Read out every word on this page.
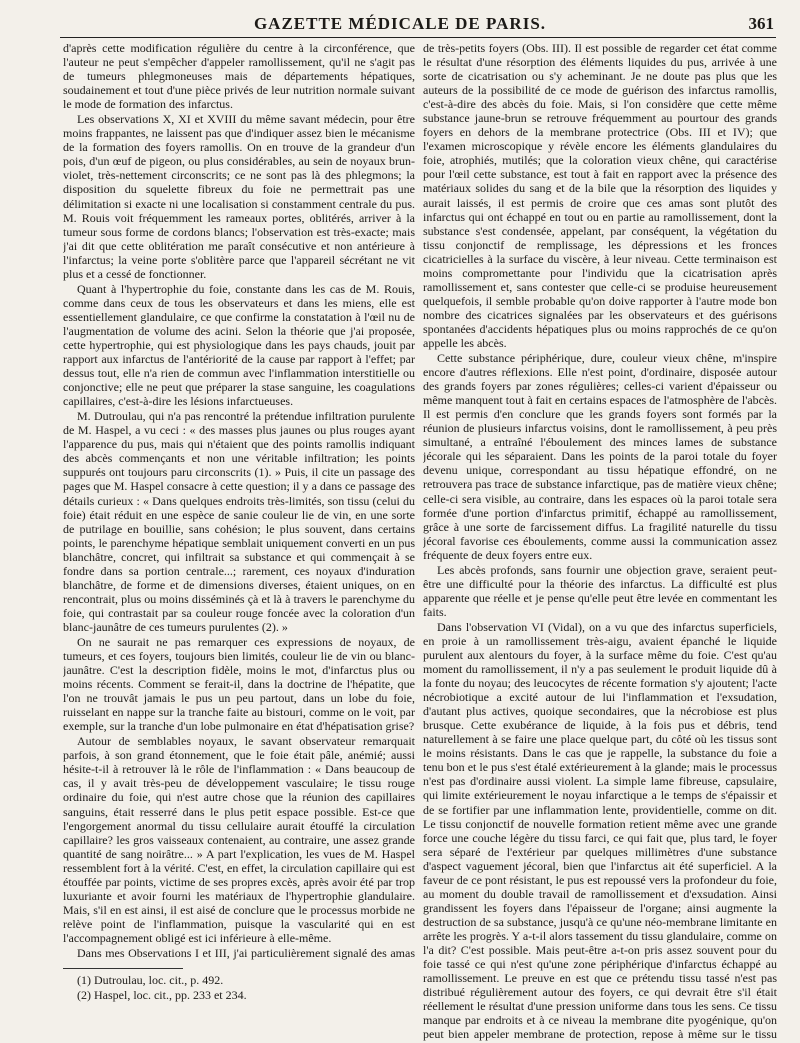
GAZETTE MÉDICALE DE PARIS.	361

d'après cette modification régulière du centre à la circonférence, que l'auteur ne peut s'empêcher d'appeler ramollissement, qu'il ne s'agit pas de tumeurs phlegmoneuses mais de départements hépatiques, soudainement et tout d'une pièce privés de leur nutrition normale suivant le mode de formation des infarctus.

Les observations X, XI et XVIII du même savant médecin, pour être moins frappantes, ne laissent pas que d'indiquer assez bien le mécanisme de la formation des foyers ramollis. On en trouve de la grandeur d'un pois, d'un œuf de pigeon, ou plus considérables, au sein de noyaux brun-violet, très-nettement circonscrits; ce ne sont pas là des phlegmons; la disposition du squelette fibreux du foie ne permettrait pas une délimitation si exacte ni une localisation si constamment centrale du pus. M. Rouis voit fréquemment les rameaux portes, oblitérés, arriver à la tumeur sous forme de cordons blancs; l'observation est très-exacte; mais j'ai dit que cette oblitération me paraît consécutive et non antérieure à l'infarctus; la veine porte s'oblitère parce que l'appareil sécrétant ne vit plus et a cessé de fonctionner.

Quant à l'hypertrophie du foie, constante dans les cas de M. Rouis, comme dans ceux de tous les observateurs et dans les miens, elle est essentiellement glandulaire, ce que confirme la constatation à l'œil nu de l'augmentation de volume des acini. Selon la théorie que j'ai proposée, cette hypertrophie, qui est physiologique dans les pays chauds, jouit par rapport aux infarctus de l'antériorité de la cause par rapport à l'effet; par dessus tout, elle n'a rien de commun avec l'inflammation interstitielle ou conjonctive; elle ne peut que préparer la stase sanguine, les coagulations capillaires, c'est-à-dire les lésions infarctueuses.

M. Dutroulau, qui n'a pas rencontré la prétendue infiltration purulente de M. Haspel, a vu ceci : « des masses plus jaunes ou plus rouges ayant l'apparence du pus, mais qui n'étaient que des points ramollis indiquant des abcès commençants et non une véritable infiltration; les points suppurés ont toujours paru circonscrits (1). » Puis, il cite un passage des pages que M. Haspel consacre à cette question; il y a dans ce passage des détails curieux : « Dans quelques endroits très-limités, son tissu (celui du foie) était réduit en une espèce de sanie couleur lie de vin, en une sorte de putrilage en bouillie, sans cohésion; le plus souvent, dans certains points, le parenchyme hépatique semblait uniquement converti en un pus blanchâtre, concret, qui infiltrait sa substance et qui commençait à se fondre dans sa portion centrale...; rarement, ces noyaux d'induration blanchâtre, de forme et de dimensions diverses, étaient uniques, on en rencontrait, plus ou moins disséminés çà et là à travers le parenchyme du foie, qui contrastait par sa couleur rouge foncée avec la coloration d'un blanc-jaunâtre de ces tumeurs purulentes (2). »

On ne saurait ne pas remarquer ces expressions de noyaux, de tumeurs, et ces foyers, toujours bien limités, couleur lie de vin ou blanc-jaunâtre. C'est la description fidèle, moins le mot, d'infarctus plus ou moins récents. Comment se ferait-il, dans la doctrine de l'hépatite, que l'on ne trouvât jamais le pus un peu partout, dans un lobe du foie, ruisselant en nappe sur la tranche faite au bistouri, comme on le voit, par exemple, sur la tranche d'un lobe pulmonaire en état d'hépatisation grise?

Autour de semblables noyaux, le savant observateur remarquait parfois, à son grand étonnement, que le foie était pâle, anémié; aussi hésite-t-il à retrouver là le rôle de l'inflammation : « Dans beaucoup de cas, il y avait très-peu de développement vasculaire; le tissu rouge ordinaire du foie, qui n'est autre chose que la réunion des capillaires sanguins, était resserré dans le plus petit espace possible. Est-ce que l'engorgement anormal du tissu cellulaire aurait étouffé la circulation capillaire? les gros vaisseaux contenaient, au contraire, une assez grande quantité de sang noirâtre... » A part l'explication, les vues de M. Haspel ressemblent fort à la vérité. C'est, en effet, la circulation capillaire qui est étouffée par points, victime de ses propres excès, après avoir été par trop luxuriante et avoir fourni les matériaux de l'hypertrophie glandulaire. Mais, s'il en est ainsi, il est aisé de conclure que le processus morbide ne relève point de l'inflammation, puisque la vascularité qui en est l'accompagnement obligé est ici inférieure à elle-même.

Dans mes Observations I et III, j'ai particulièrement signalé des amas

(1) Dutroulau, loc. cit., p. 492.
(2) Haspel, loc. cit., pp. 233 et 234.

de très-petits foyers (Obs. III). Il est possible de regarder cet état comme le résultat d'une résorption des éléments liquides du pus, arrivée à une sorte de cicatrisation ou s'y acheminant. Je ne doute pas plus que les auteurs de la possibilité de ce mode de guérison des infarctus ramollis, c'est-à-dire des abcès du foie. Mais, si l'on considère que cette même substance jaune-brun se retrouve fréquemment au pourtour des grands foyers en dehors de la membrane protectrice (Obs. III et IV); que l'examen microscopique y révèle encore les éléments glandulaires du foie, atrophiés, mutilés; que la coloration vieux chêne, qui caractérise pour l'œil cette substance, est tout à fait en rapport avec la présence des matériaux solides du sang et de la bile que la résorption des liquides y aurait laissés, il est permis de croire que ces amas sont plutôt des infarctus qui ont échappé en tout ou en partie au ramollissement, dont la substance s'est condensée, appelant, par conséquent, la végétation du tissu conjonctif de remplissage, les dépressions et les fronces cicatricielles à la surface du viscère, à leur niveau. Cette terminaison est moins compromettante pour l'individu que la cicatrisation après ramollissement et, sans contester que celle-ci se produise heureusement quelquefois, il semble probable qu'on doive rapporter à l'autre mode bon nombre des cicatrices signalées par les observateurs et des guérisons spontanées d'accidents hépatiques plus ou moins rapprochés de ce qu'on appelle les abcès.

Cette substance périphérique, dure, couleur vieux chêne, m'inspire encore d'autres réflexions. Elle n'est point, d'ordinaire, disposée autour des grands foyers par zones régulières; celles-ci varient d'épaisseur ou même manquent tout à fait en certains espaces de l'atmosphère de l'abcès. Il est permis d'en conclure que les grands foyers sont formés par la réunion de plusieurs infarctus voisins, dont le ramollissement, à peu près simultané, a entraîné l'éboulement des minces lames de substance jécorale qui les séparaient. Dans les points de la paroi totale du foyer devenu unique, correspondant au tissu hépatique effondré, on ne retrouvera pas trace de substance infarctique, pas de matière vieux chêne; celle-ci sera visible, au contraire, dans les espaces où la paroi totale sera formée d'une portion d'infarctus primitif, échappé au ramollissement, grâce à une sorte de farcissement diffus. La fragilité naturelle du tissu jécoral favorise ces éboulements, comme aussi la communication assez fréquente de deux foyers entre eux.

Les abcès profonds, sans fournir une objection grave, seraient peut-être une difficulté pour la théorie des infarctus. La difficulté est plus apparente que réelle et je pense qu'elle peut être levée en commentant les faits.

Dans l'observation VI (Vidal), on a vu que des infarctus superficiels, en proie à un ramollissement très-aigu, avaient épanché le liquide purulent aux alentours du foyer, à la surface même du foie. C'est qu'au moment du ramollissement, il n'y a pas seulement le produit liquide dû à la fonte du noyau; des leucocytes de récente formation s'y ajoutent; l'acte nécrobiotique a excité autour de lui l'inflammation et l'exsudation, d'autant plus actives, quoique secondaires, que la nécrobiose est plus brusque. Cette exubérance de liquide, à la fois pus et débris, tend naturellement à se faire une place quelque part, du côté où les tissus sont le moins résistants. Dans le cas que je rappelle, la substance du foie a tenu bon et le pus s'est étalé extérieurement à la glande; mais le processus n'est pas d'ordinaire aussi violent. La simple lame fibreuse, capsulaire, qui limite extérieurement le noyau infarctique a le temps de s'épaissir et de se fortifier par une inflammation lente, providentielle, comme on dit. Le tissu conjonctif de nouvelle formation retient même avec une grande force une couche légère du tissu farci, ce qui fait que, plus tard, le foyer sera séparé de l'extérieur par quelques millimètres d'une substance d'aspect vaguement jécoral, bien que l'infarctus ait été superficiel. A la faveur de ce pont résistant, le pus est repoussé vers la profondeur du foie, au moment du double travail de ramollissement et d'exsudation. Ainsi grandissent les foyers dans l'épaisseur de l'organe; ainsi augmente la destruction de sa substance, jusqu'à ce qu'une néo-membrane limitante en arrête les progrès. Y a-t-il alors tassement du tissu glandulaire, comme on l'a dit? C'est possible. Mais peut-être a-t-on pris assez souvent pour du foie tassé ce qui n'est qu'une zone périphérique d'infarctus échappé au ramollissement. Le preuve en est que ce prétendu tissu tassé n'est pas distribué régulièrement autour des foyers, ce qui devrait être s'il était réellement le résultat d'une pression uniforme dans tous les sens. Ce tissu manque par endroits et à ce niveau la membrane dite pyogénique, qu'on peut bien appeler membrane de protection, repose à même sur le tissu
